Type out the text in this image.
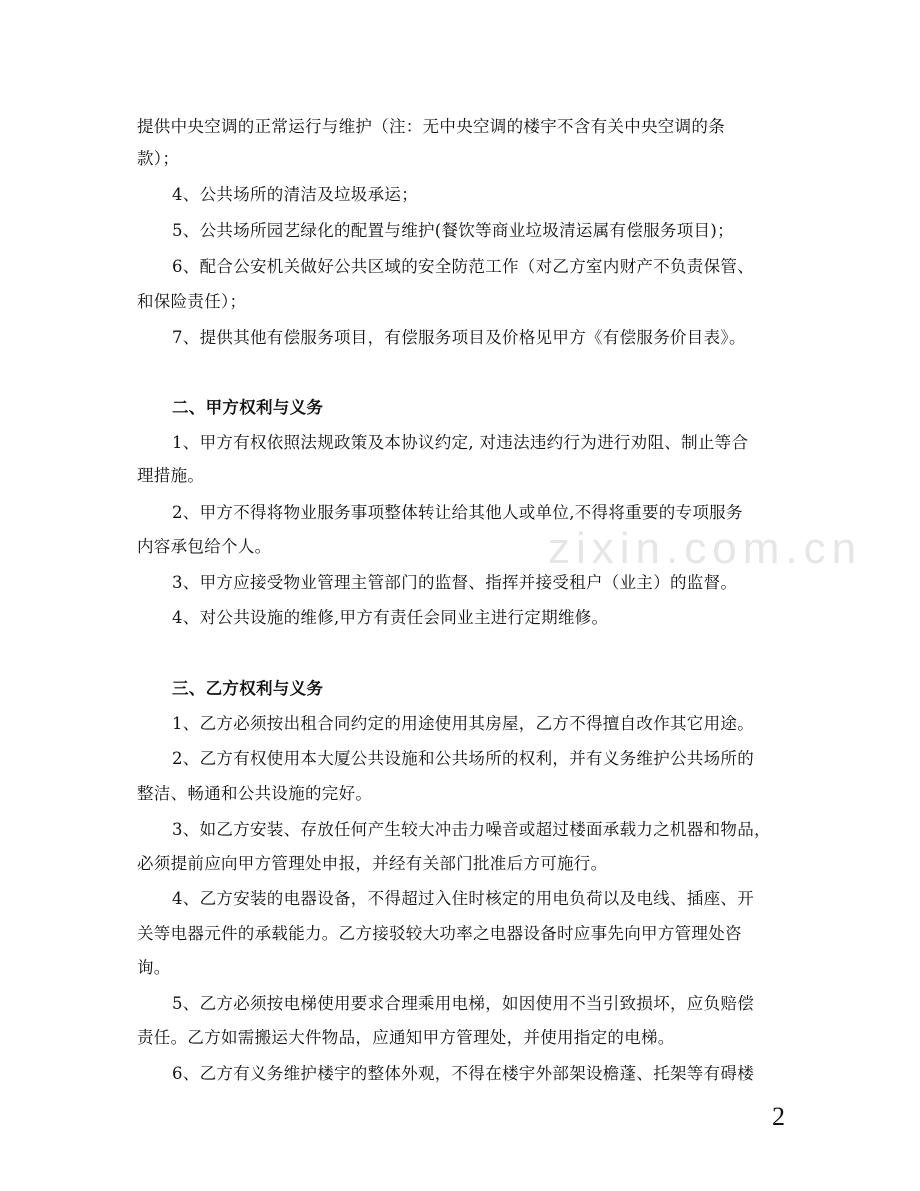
zixin.com.cn
提供中央空调的正常运行与维护（注：无中央空调的楼宇不含有关中央空调的条
款）；
4、公共场所的清洁及垃圾承运；
5、公共场所园艺绿化的配置与维护(餐饮等商业垃圾清运属有偿服务项目)；
6、配合公安机关做好公共区域的安全防范工作（对乙方室内财产不负责保管、
和保险责任）；
7、提供其他有偿服务项目，有偿服务项目及价格见甲方《有偿服务价目表》。
二、甲方权利与义务
1、甲方有权依照法规政策及本协议约定, 对违法违约行为进行劝阻、制止等合
理措施。
2、甲方不得将物业服务事项整体转让给其他人或单位,不得将重要的专项服务
内容承包给个人。
3、甲方应接受物业管理主管部门的监督、指挥并接受租户（业主）的监督。
4、对公共设施的维修,甲方有责任会同业主进行定期维修。
三、乙方权利与义务
1、乙方必须按出租合同约定的用途使用其房屋，乙方不得擅自改作其它用途。
2、乙方有权使用本大厦公共设施和公共场所的权利，并有义务维护公共场所的
整洁、畅通和公共设施的完好。
3、如乙方安装、存放任何产生较大冲击力噪音或超过楼面承载力之机器和物品，
必须提前应向甲方管理处申报，并经有关部门批准后方可施行。
4、乙方安装的电器设备，不得超过入住时核定的用电负荷以及电线、插座、开
关等电器元件的承载能力。乙方接驳较大功率之电器设备时应事先向甲方管理处咨
询。
5、乙方必须按电梯使用要求合理乘用电梯，如因使用不当引致损坏，应负赔偿
责任。乙方如需搬运大件物品，应通知甲方管理处，并使用指定的电梯。
6、乙方有义务维护楼宇的整体外观，不得在楼宇外部架设檐蓬、托架等有碍楼
2
